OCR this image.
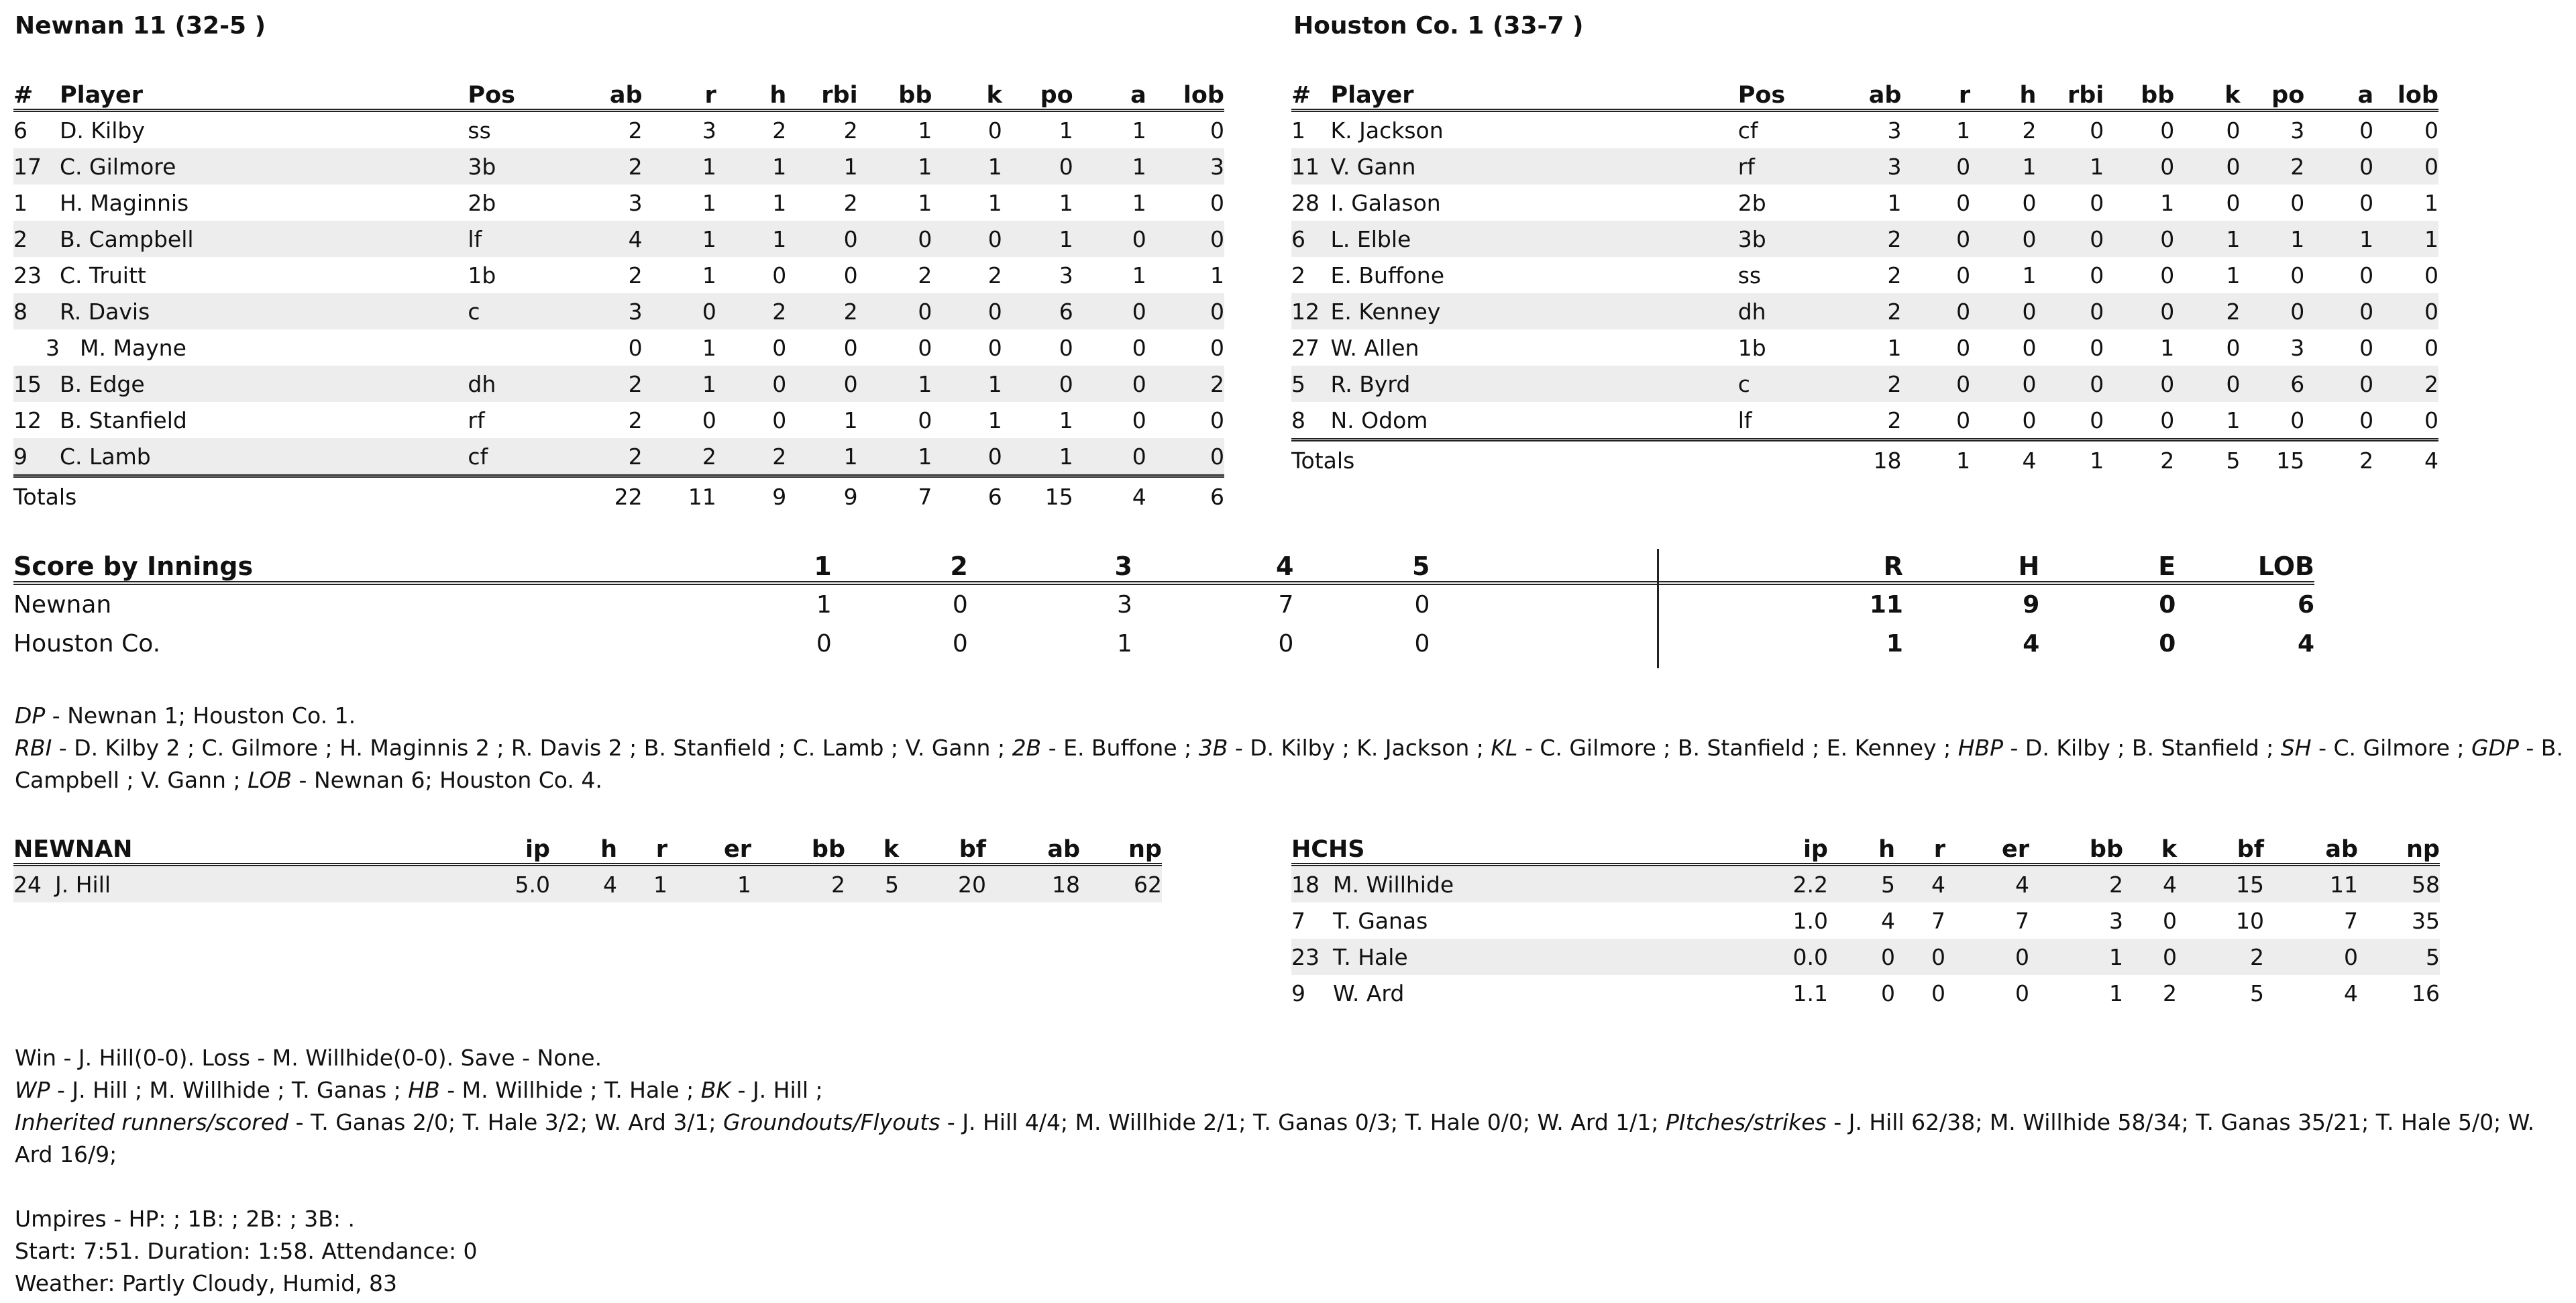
Newnan 11 (32-5 )	Houston Co. 1 (33-7 )
#	Player	Pos	ab	r	h	rbi	bb	k	po	a	lob
6	D. Kilby	ss	2	3	2	2	1	0	1	1	0
17	C. Gilmore	3b	2	1	1	1	1	1	0	1	3
1	H. Maginnis	2b	3	1	1	2	1	1	1	1	0
2	B. Campbell	lf	4	1	1	0	0	0	1	0	0
23	C. Truitt	1b	2	1	0	0	2	2	3	1	1
8	R. Davis	c	3	0	2	2	0	0	6	0	0
3	M. Mayne		0	1	0	0	0	0	0	0	0
15	B. Edge	dh	2	1	0	0	1	1	0	0	2
12	B. Stanfield	rf	2	0	0	1	0	1	1	0	0
9	C. Lamb	cf	2	2	2	1	1	0	1	0	0
Totals			22	11	9	9	7	6	15	4	6
#	Player	Pos	ab	r	h	rbi	bb	k	po	a	lob
1	K. Jackson	cf	3	1	2	0	0	0	3	0	0
11	V. Gann	rf	3	0	1	1	0	0	2	0	0
28	I. Galason	2b	1	0	0	0	1	0	0	0	1
6	L. Elble	3b	2	0	0	0	0	1	1	1	1
2	E. Buffone	ss	2	0	1	0	0	1	0	0	0
12	E. Kenney	dh	2	0	0	0	0	2	0	0	0
27	W. Allen	1b	1	0	0	0	1	0	3	0	0
5	R. Byrd	c	2	0	0	0	0	0	6	0	2
8	N. Odom	lf	2	0	0	0	0	1	0	0	0
Totals			18	1	4	1	2	5	15	2	4
Score by Innings	1	2	3	4	5		R	H	E	LOB
Newnan	1	0	3	7	0		11	9	0	6
Houston Co.	0	0	1	0	0		1	4	0	4
DP - Newnan 1; Houston Co. 1.
RBI - D. Kilby 2 ; C. Gilmore ; H. Maginnis 2 ; R. Davis 2 ; B. Stanfield ; C. Lamb ; V. Gann ; 2B - E. Buffone ; 3B - D. Kilby ; K. Jackson ; KL - C. Gilmore ; B. Stanfield ; E. Kenney ; HBP - D. Kilby ; B. Stanfield ; SH - C. Gilmore ; GDP - B. Campbell ; V. Gann ; LOB - Newnan 6; Houston Co. 4.
NEWNAN	ip	h	r	er	bb	k	bf	ab	np
24 J. Hill	5.0	4	1	1	2	5	20	18	62
HCHS	ip	h	r	er	bb	k	bf	ab	np
18 M. Willhide	2.2	5	4	4	2	4	15	11	58
7 T. Ganas	1.0	4	7	7	3	0	10	7	35
23 T. Hale	0.0	0	0	0	1	0	2	0	5
9 W. Ard	1.1	0	0	0	1	2	5	4	16
Win - J. Hill(0-0). Loss - M. Willhide(0-0). Save - None.
WP - J. Hill ; M. Willhide ; T. Ganas ; HB - M. Willhide ; T. Hale ; BK - J. Hill ;
Inherited runners/scored - T. Ganas 2/0; T. Hale 3/2; W. Ard 3/1; Groundouts/Flyouts - J. Hill 4/4; M. Willhide 2/1; T. Ganas 0/3; T. Hale 0/0; W. Ard 1/1; PItches/strikes - J. Hill 62/38; M. Willhide 58/34; T. Ganas 35/21; T. Hale 5/0; W. Ard 16/9;
Umpires - HP: ; 1B: ; 2B: ; 3B: .
Start: 7:51. Duration: 1:58. Attendance: 0
Weather: Partly Cloudy, Humid, 83
